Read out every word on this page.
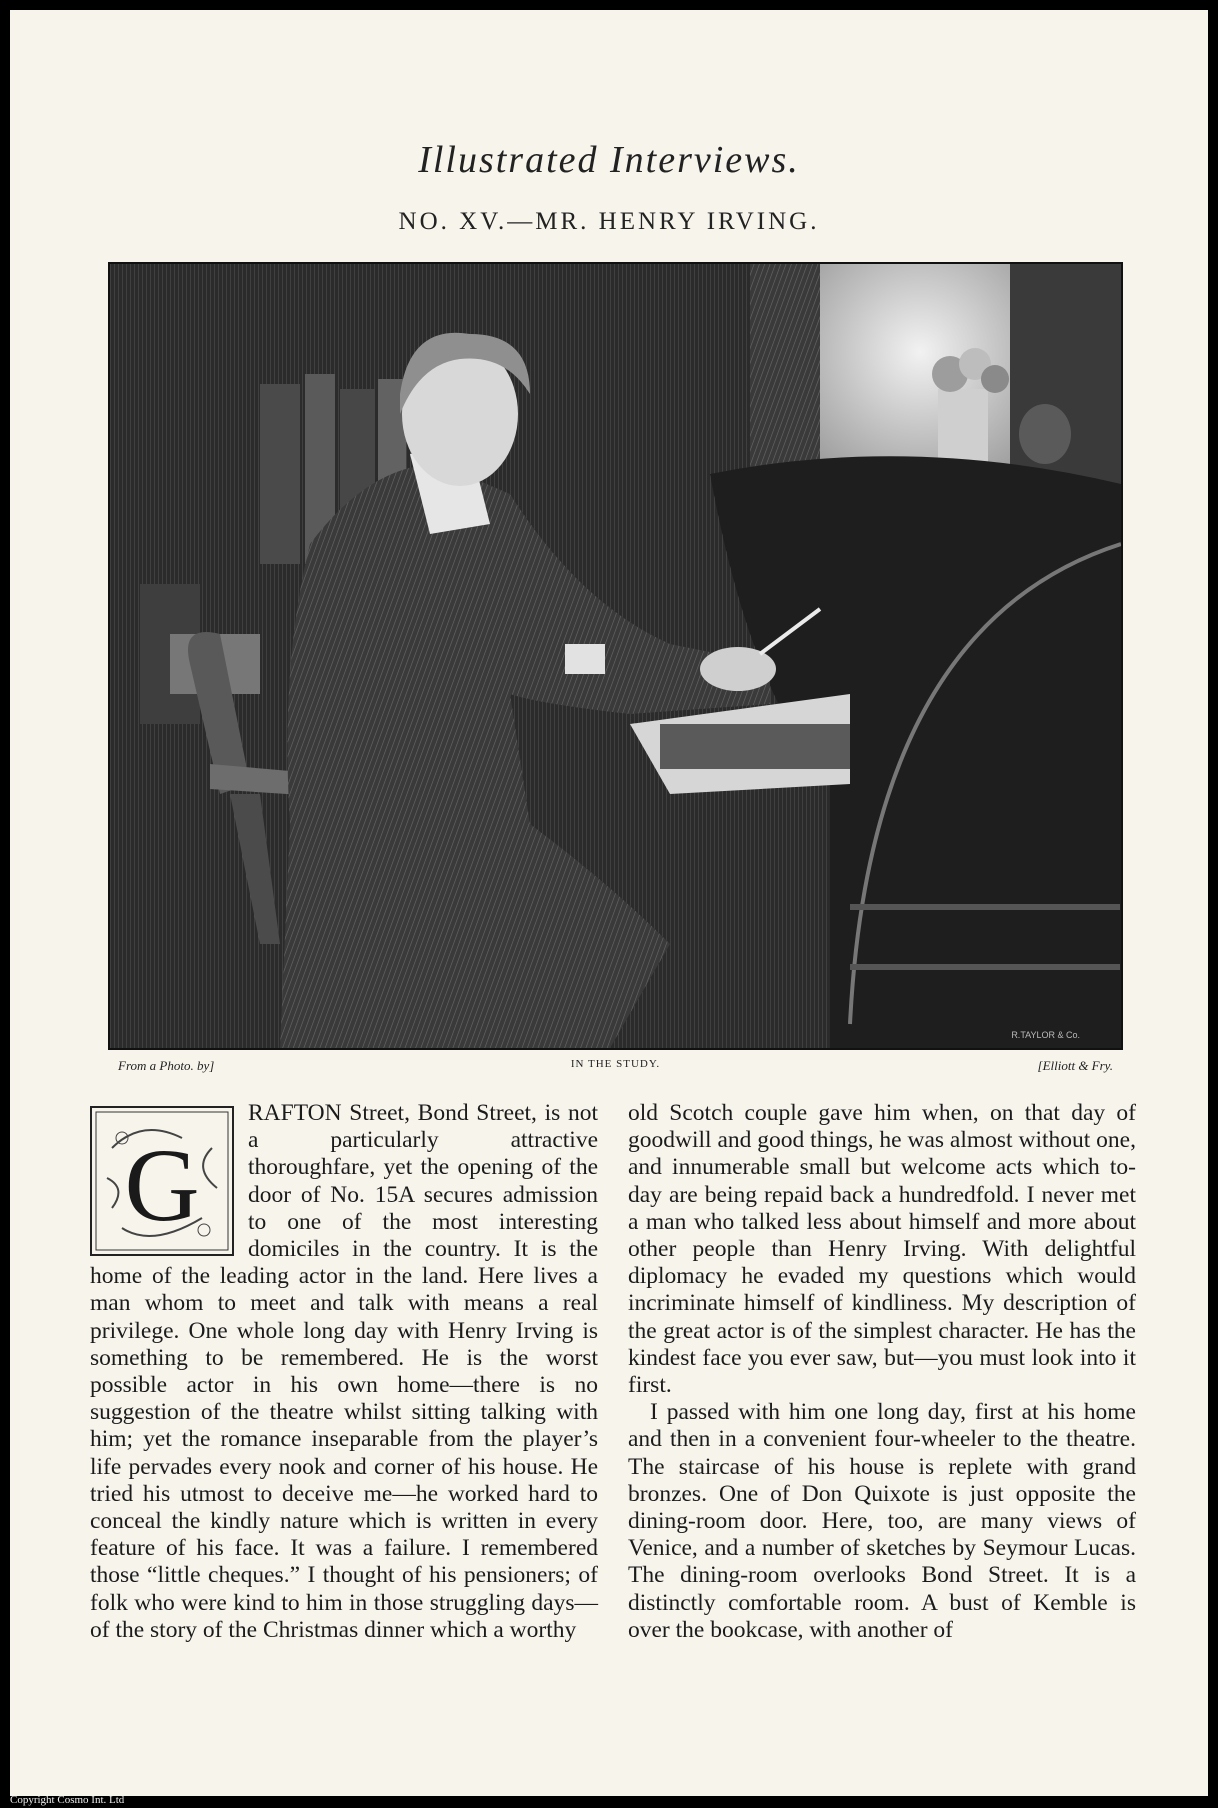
Illustrated Interviews.
NO. XV.—MR. HENRY IRVING.
R.TAYLOR & Co.
From a Photo. by]	IN THE STUDY.	[Elliott & Fry.
G

RAFTON Street, Bond Street, is not a particularly attractive thoroughfare, yet the opening of the door of No. 15A secures admission to one of the most interesting domiciles in the country. It is the home of the leading actor in the land. Here lives a man whom to meet and talk with means a real privilege. One whole long day with Henry Irving is something to be remembered. He is the worst possible actor in his own home—there is no suggestion of the theatre whilst sitting talking with him; yet the romance inseparable from the player’s life pervades every nook and corner of his house. He tried his utmost to deceive me—he worked hard to conceal the kindly nature which is written in every feature of his face. It was a failure. I remembered those “little cheques.” I thought of his pensioners; of folk who were kind to him in those struggling days—of the story of the Christmas dinner which a worthy

old Scotch couple gave him when, on that day of goodwill and good things, he was almost without one, and innumerable small but welcome acts which to-day are being repaid back a hundredfold. I never met a man who talked less about himself and more about other people than Henry Irving. With delightful diplomacy he evaded my questions which would incriminate himself of kindliness. My description of the great actor is of the simplest character. He has the kindest face you ever saw, but—you must look into it first.

I passed with him one long day, first at his home and then in a convenient four-wheeler to the theatre. The staircase of his house is replete with grand bronzes. One of Don Quixote is just opposite the dining-room door. Here, too, are many views of Venice, and a number of sketches by Seymour Lucas. The dining-room overlooks Bond Street. It is a distinctly comfortable room. A bust of Kemble is over the bookcase, with another of

Copyright Cosmo Int. Ltd
